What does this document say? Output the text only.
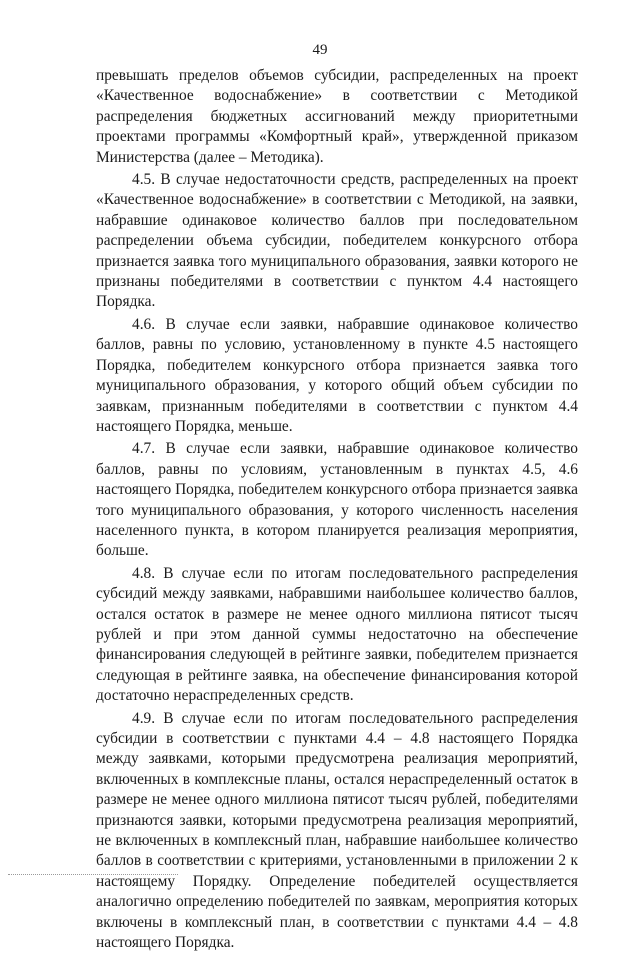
49

превышать пределов объемов субсидии, распределенных на проект «Качественное водоснабжение» в соответствии с Методикой распределения бюджетных ассигнований между приоритетными проектами программы «Комфортный край», утвержденной приказом Министерства (далее – Методика).

4.5. В случае недостаточности средств, распределенных на проект «Качественное водоснабжение» в соответствии с Методикой, на заявки, набравшие одинаковое количество баллов при последовательном распределении объема субсидии, победителем конкурсного отбора признается заявка того муниципального образования, заявки которого не признаны победителями в соответствии с пунктом 4.4 настоящего Порядка.

4.6. В случае если заявки, набравшие одинаковое количество баллов, равны по условию, установленному в пункте 4.5 настоящего Порядка, победителем конкурсного отбора признается заявка того муниципального образования, у которого общий объем субсидии по заявкам, признанным победителями в соответствии с пунктом 4.4 настоящего Порядка, меньше.

4.7. В случае если заявки, набравшие одинаковое количество баллов, равны по условиям, установленным в пунктах 4.5, 4.6 настоящего Порядка, победителем конкурсного отбора признается заявка того муниципального образования, у которого численность населения населенного пункта, в котором планируется реализация мероприятия, больше.

4.8. В случае если по итогам последовательного распределения субсидий между заявками, набравшими наибольшее количество баллов, остался остаток в размере не менее одного миллиона пятисот тысяч рублей и при этом данной суммы недостаточно на обеспечение финансирования следующей в рейтинге заявки, победителем признается следующая в рейтинге заявка, на обеспечение финансирования которой достаточно нераспределенных средств.

4.9. В случае если по итогам последовательного распределения субсидии в соответствии с пунктами 4.4 – 4.8 настоящего Порядка между заявками, которыми предусмотрена реализация мероприятий, включенных в комплексные планы, остался нераспределенный остаток в размере не менее одного миллиона пятисот тысяч рублей, победителями признаются заявки, которыми предусмотрена реализация мероприятий, не включенных в комплексный план, набравшие наибольшее количество баллов в соответствии с критериями, установленными в приложении 2 к настоящему Порядку. Определение победителей осуществляется аналогично определению победителей по заявкам, мероприятия которых включены в комплексный план, в соответствии с пунктами 4.4 – 4.8 настоящего Порядка.
